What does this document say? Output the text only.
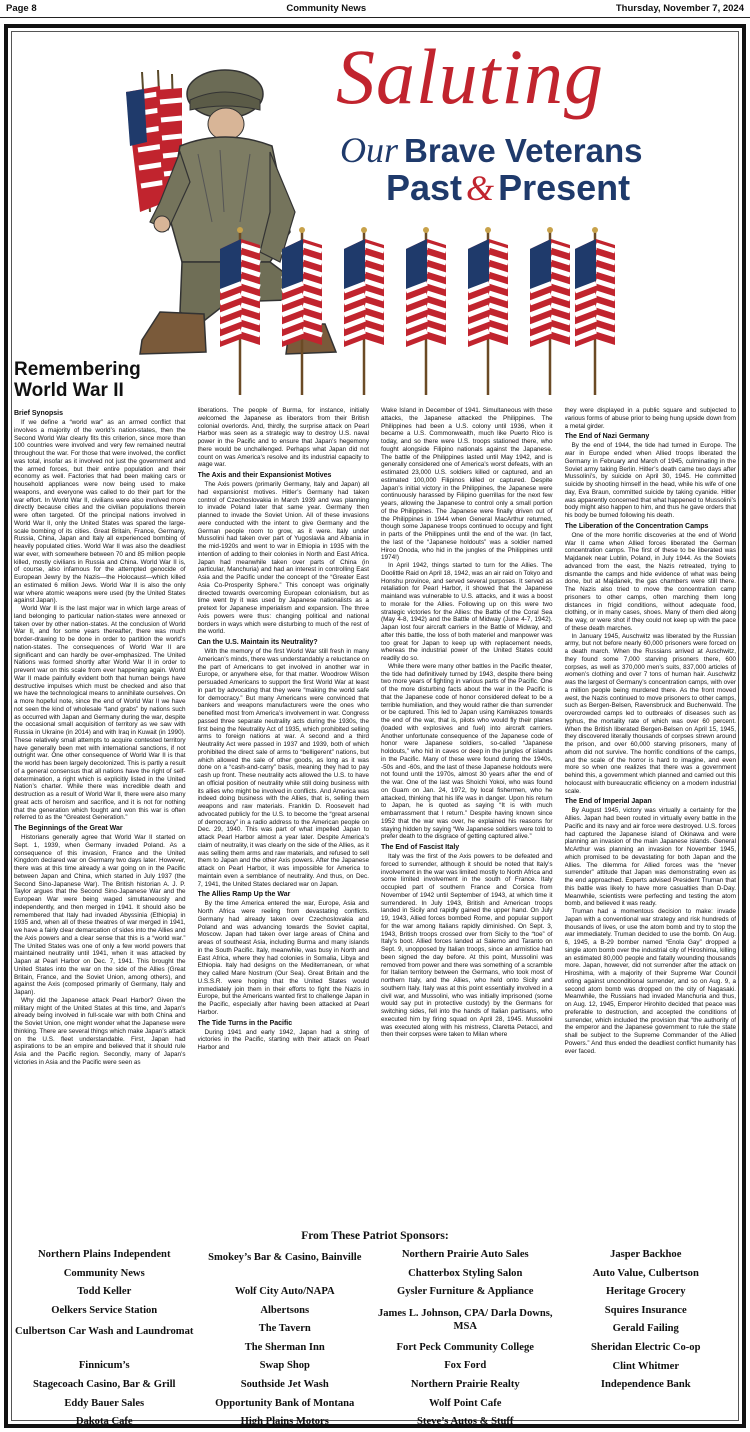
Page 8	Community News	Thursday, November 7, 2024
Saluting
Our Brave Veterans
Past & Present
Remembering
World War II
Brief Synopsis

If we define a “world war” as an armed conflict that involves a majority of the world’s nation-states, then the Second World War clearly fits this criterion, since more than 100 countries were involved and very few remained neutral throughout the war. For those that were involved, the conflict was total, insofar as it involved not just the government and the armed forces, but their entire population and their economy as well. Factories that had been making cars or household appliances were now being used to make weapons, and everyone was called to do their part for the war effort. In World War II, civilians were also involved more directly because cities and the civilian populations therein were often targeted. Of the principal nations involved in World War II, only the United States was spared the large-scale bombing of its cities. Great Britain, France, Germany, Russia, China, Japan and Italy all experienced bombing of heavily populated cities. World War II was also the deadliest war ever, with somewhere between 70 and 85 million people killed, mostly civilians in Russia and China. World War II is, of course, also infamous for the attempted genocide of European Jewry by the Nazis—the Holocaust—which killed an estimated 6 million Jews. World War II is also the only war where atomic weapons were used (by the United States against Japan).

World War II is the last major war in which large areas of land belonging to particular nation-states were annexed or taken over by other nation-states. At the conclusion of World War II, and for some years thereafter, there was much border-drawing to be done in order to partition the world’s nation-states. The consequences of World War II are significant and can hardly be over-emphasized. The United Nations was formed shortly after World War II in order to prevent war on this scale from ever happening again. World War II made painfully evident both that human beings have destructive impulses which must be checked and also that we have the technological means to annihilate ourselves. On a more hopeful note, since the end of World War II we have not seen the kind of wholesale “land grabs” by nations such as occurred with Japan and Germany during the war, despite the occasional small acquisition of territory as we saw with Russia in Ukraine (in 2014) and with Iraq in Kuwait (in 1990). These relatively small attempts to acquire contested territory have generally been met with international sanctions, if not outright war. One other consequence of World War II is that the world has been largely decolonized. This is partly a result of a general consensus that all nations have the right of self-determination, a right which is explicitly listed in the United Nation’s charter. While there was incredible death and destruction as a result of World War II, there were also many great acts of heroism and sacrifice, and it is not for nothing that the generation which fought and won this war is often referred to as the “Greatest Generation.”

The Beginnings of the Great War

Historians generally agree that World War II started on Sept. 1, 1939, when Germany invaded Poland. As a consequence of this invasion, France and the United Kingdom declared war on Germany two days later. However, there was at this time already a war going on in the Pacific between Japan and China, which started in July 1937 (the Second Sino-Japanese War). The British historian A. J. P. Taylor argues that the Second Sino-Japanese War and the European War were being waged simultaneously and independently, and then merged in 1941. It should also be remembered that Italy had invaded Abyssinia (Ethiopia) in 1935 and, when all of these theatres of war merged in 1941, we have a fairly clear demarcation of sides into the Allies and the Axis powers and a clear sense that this is a “world war.” The United States was one of only a few world powers that maintained neutrality until 1941, when it was attacked by Japan at Pearl Harbor on Dec. 7, 1941. This brought the United States into the war on the side of the Allies (Great Britain, France, and the Soviet Union, among others), and against the Axis (composed primarily of Germany, Italy and Japan).

Why did the Japanese attack Pearl Harbor? Given the military might of the United States at this time, and Japan’s already being involved in full-scale war with both China and the Soviet Union, one might wonder what the Japanese were thinking. There are several things which make Japan’s attack on the U.S. fleet understandable. First, Japan had aspirations to be an empire and believed that it should rule Asia and the Pacific region. Secondly, many of Japan’s victories in Asia and the Pacific were seen as

liberations. The people of Burma, for instance, initially welcomed the Japanese as liberators from their British colonial overlords. And, thirdly, the surprise attack on Pearl Harbor was seen as a strategic way to destroy U.S. naval power in the Pacific and to ensure that Japan’s hegemony there would be unchallenged. Perhaps what Japan did not count on was America’s resolve and its industrial capacity to wage war.

The Axis and their Expansionist Motives

The Axis powers (primarily Germany, Italy and Japan) all had expansionist motives. Hitler’s Germany had taken control of Czechoslovakia in March 1939 and was planning to invade Poland later that same year. Germany then planned to invade the Soviet Union. All of these invasions were conducted with the intent to give Germany and the German people room to grow, as it were. Italy under Mussolini had taken over part of Yugoslavia and Albania in the mid-1920s and went to war in Ethiopia in 1935 with the intention of adding to their colonies in North and East Africa. Japan had meanwhile taken over parts of China (in particular, Manchuria) and had an interest in controlling East Asia and the Pacific under the concept of the “Greater East Asia Co-Prosperity Sphere.” This concept was originally directed towards overcoming European colonialism, but as time went by it was used by Japanese nationalists as a pretext for Japanese imperialism and expansion. The three Axis powers were thus: changing political and national borders in ways which were disturbing to much of the rest of the world.

Can the U.S. Maintain its Neutrality?

With the memory of the first World War still fresh in many American’s minds, there was understandably a reluctance on the part of Americans to get involved in another war in Europe, or anywhere else, for that matter. Woodrow Wilson persuaded Americans to support the first World War at least in part by advocating that they were “making the world safe for democracy.” But many Americans were convinced that bankers and weapons manufacturers were the ones who benefited most from America’s involvement in war. Congress passed three separate neutrality acts during the 1930s, the first being the Neutrality Act of 1935, which prohibited selling arms to foreign nations at war. A second and a third Neutrality Act were passed in 1937 and 1939, both of which prohibited the direct sale of arms to “belligerent” nations, but which allowed the sale of other goods, as long as it was done on a “cash-and-carry” basis, meaning they had to pay cash up front. These neutrality acts allowed the U.S. to have an official position of neutrality while still doing business with its allies who might be involved in conflicts. And America was indeed doing business with the Allies, that is, selling them weapons and raw materials. Franklin D. Roosevelt had advocated publicly for the U.S. to become the “great arsenal of democracy” in a radio address to the American people on Dec. 29, 1940. This was part of what impelled Japan to attack Pearl Harbor almost a year later. Despite America’s claim of neutrality, it was clearly on the side of the Allies, as it was selling them arms and raw materials, and refused to sell them to Japan and the other Axis powers. After the Japanese attack on Pearl Harbor, it was impossible for America to maintain even a semblance of neutrality. And thus, on Dec. 7, 1941, the United States declared war on Japan.

The Allies Ramp Up the War

By the time America entered the war, Europe, Asia and North Africa were reeling from devastating conflicts. Germany had already taken over Czechoslovakia and Poland and was advancing towards the Soviet capital, Moscow. Japan had taken over large areas of China and areas of southeast Asia, including Burma and many islands in the South Pacific. Italy, meanwhile, was busy in North and East Africa, where they had colonies in Somalia, Libya and Ethiopia. Italy had designs on the Mediterranean, or what they called Mare Nostrum (Our Sea). Great Britain and the U.S.S.R. were hoping that the United States would immediately join them in their efforts to fight the Nazis in Europe, but the Americans wanted first to challenge Japan in the Pacific, especially after having been attacked at Pearl Harbor.

The Tide Turns in the Pacific

During 1941 and early 1942, Japan had a string of victories in the Pacific, starting with their attack on Pearl Harbor and

Wake Island in December of 1941. Simultaneous with these attacks, the Japanese attacked the Philippines. The Philippines had been a U.S. colony until 1936, when it became a U.S. Commonwealth, much like Puerto Rico is today, and so there were U.S. troops stationed there, who fought alongside Filipino nationals against the Japanese. The battle of the Philippines lasted until May 1942, and is generally considered one of America’s worst defeats, with an estimated 23,000 U.S. soldiers killed or captured, and an estimated 100,000 Filipinos killed or captured. Despite Japan’s initial victory in the Philippines, the Japanese were continuously harassed by Filipino guerrillas for the next few years, allowing the Japanese to control only a small portion of the Philippines. The Japanese were finally driven out of the Philippines in 1944 when General MacArthur returned, though some Japanese troops continued to occupy and fight in parts of the Philippines until the end of the war. (In fact, the last of the “Japanese holdouts” was a soldier named Hiroo Onoda, who hid in the jungles of the Philippines until 1974!)

In April 1942, things started to turn for the Allies. The Doolittle Raid on April 18, 1942, was an air raid on Tokyo and Honshu province, and served several purposes. It served as retaliation for Pearl Harbor, it showed that the Japanese mainland was vulnerable to U.S. attacks, and it was a boost to morale for the Allies. Following up on this were two strategic victories for the Allies: the Battle of the Coral Sea (May 4-8, 1942) and the Battle of Midway (June 4-7, 1942). Japan lost four aircraft carriers in the Battle of Midway, and after this battle, the loss of both materiel and manpower was too great for Japan to keep up with replacement needs, whereas the industrial power of the United States could readily do so.

While there were many other battles in the Pacific theater, the tide had definitively turned by 1943, despite there being two more years of fighting in various parts of the Pacific. One of the more disturbing facts about the war in the Pacific is that the Japanese code of honor considered defeat to be a terrible humiliation, and they would rather die than surrender or be captured. This led to Japan using Kamikazes towards the end of the war, that is, pilots who would fly their planes (loaded with explosives and fuel) into aircraft carriers. Another unfortunate consequence of the Japanese code of honor were Japanese soldiers, so-called “Japanese holdouts,” who hid in caves or deep in the jungles of islands in the Pacific. Many of these were found during the 1940s, -50s and -60s, and the last of these Japanese holdouts were not found until the 1970s, almost 30 years after the end of the war. One of the last was Shoichi Yokoi, who was found on Guam on Jan. 24, 1972, by local fishermen, who he attacked, thinking that his life was in danger. Upon his return to Japan, he is quoted as saying “It is with much embarrassment that I return.” Despite having known since 1952 that the war was over, he explained his reasons for staying hidden by saying “We Japanese soldiers were told to prefer death to the disgrace of getting captured alive.”

The End of Fascist Italy

Italy was the first of the Axis powers to be defeated and forced to surrender, although it should be noted that Italy’s involvement in the war was limited mostly to North Africa and some limited involvement in the south of France. Italy occupied part of southern France and Corsica from November of 1942 until September of 1943, at which time it surrendered. In July 1943, British and American troops landed in Sicily and rapidly gained the upper hand. On July 19, 1943, Allied forces bombed Rome, and popular support for the war among Italians rapidly diminished. On Sept. 3, 1943, British troops crossed over from Sicily to the “toe” of Italy’s boot. Allied forces landed at Salerno and Taranto on Sept. 9, unopposed by Italian troops, since an armistice had been signed the day before. At this point, Mussolini was removed from power and there was something of a scramble for Italian territory between the Germans, who took most of northern Italy, and the Allies, who held onto Sicily and southern Italy. Italy was at this point essentially involved in a civil war, and Mussolini, who was initially imprisoned (some would say put in protective custody) by the Germans for switching sides, fell into the hands of Italian partisans, who executed him by firing squad on April 28, 1945. Mussolini was executed along with his mistress, Claretta Petacci, and then their corpses were taken to Milan where

they were displayed in a public square and subjected to various forms of abuse prior to being hung upside down from a metal girder.

The End of Nazi Germany

By the end of 1944, the tide had turned in Europe. The war in Europe ended when Allied troops liberated the Germany in February and March of 1945, culminating in the Soviet army taking Berlin. Hitler’s death came two days after Mussolini’s, by suicide on April 30, 1945. He committed suicide by shooting himself in the head, while his wife of one day, Eva Braun, committed suicide by taking cyanide. Hitler was apparently concerned that what happened to Mussolini’s body might also happen to him, and thus he gave orders that his body be burned following his death.

The Liberation of the Concentration Camps

One of the more horrific discoveries at the end of World War II came when Allied forces liberated the German concentration camps. The first of these to be liberated was Majdanek near Lublin, Poland, in July 1944. As the Soviets advanced from the east, the Nazis retreated, trying to dismantle the camps and hide evidence of what was being done, but at Majdanek, the gas chambers were still there. The Nazis also tried to move the concentration camp prisoners to other camps, often marching them long distances in frigid conditions, without adequate food, clothing, or in many cases, shoes. Many of them died along the way, or were shot if they could not keep up with the pace of these death marches.

In January 1945, Auschwitz was liberated by the Russian army, but not before nearly 60,000 prisoners were forced on a death march. When the Russians arrived at Auschwitz, they found some 7,000 starving prisoners there, 600 corpses, as well as 370,000 men’s suits, 837,000 articles of women’s clothing and over 7 tons of human hair. Auschwitz was the largest of Germany’s concentration camps, with over a million people being murdered there. As the front moved west, the Nazis continued to move prisoners to other camps, such as Bergen-Belsen, Ravensbruck and Buchenwald. The overcrowded camps led to outbreaks of diseases such as typhus, the mortality rate of which was over 60 percent. When the British liberated Bergen-Belsen on April 15, 1945, they discovered literally thousands of corpses strewn around the prison, and over 60,000 starving prisoners, many of whom did not survive. The horrific conditions of the camps, and the scale of the horror is hard to imagine, and even more so when one realizes that there was a government behind this, a government which planned and carried out this holocaust with bureaucratic efficiency on a modern industrial scale.

The End of Imperial Japan

By August 1945, victory was virtually a certainty for the Allies. Japan had been routed in virtually every battle in the Pacific and its navy and air force were destroyed. U.S. forces had captured the Japanese island of Okinawa and were planning an invasion of the main Japanese islands. General McArthur was planning an invasion for November 1945, which promised to be devastating for both Japan and the Allies. The dilemma for Allied forces was the “never surrender” attitude that Japan was demonstrating even as the end approached. Experts advised President Truman that this battle was likely to have more casualties than D-Day. Meanwhile, scientists were perfecting and testing the atom bomb, and believed it was ready.

Truman had a momentous decision to make: invade Japan with a conventional war strategy and risk hundreds of thousands of lives, or use the atom bomb and try to stop the war immediately. Truman decided to use the bomb. On Aug. 6, 1945, a B-29 bomber named “Enola Gay” dropped a single atom bomb over the industrial city of Hiroshima, killing an estimated 80,000 people and fatally wounding thousands more. Japan, however, did not surrender after the attack on Hiroshima, with a majority of their Supreme War Council voting against unconditional surrender, and so on Aug. 9, a second atom bomb was dropped on the city of Nagasaki. Meanwhile, the Russians had invaded Manchuria and thus, on Aug. 12, 1945, Emperor Hirohito decided that peace was preferable to destruction, and accepted the conditions of surrender, which included the provision that “the authority of the emperor and the Japanese government to rule the state shall be subject to the Supreme Commander of the Allied Powers.” And thus ended the deadliest conflict humanity has ever faced.

From These Patriot Sponsors:
Northern Plains Independent
Community News
Todd Keller
Oelkers Service Station
Culbertson Car Wash and Laundromat
Finnicum’s
Stagecoach Casino, Bar & Grill
Eddy Bauer Sales
Dakota Cafe
Smokey’s Bar & Casino, Bainville
Wolf City Auto/NAPA
Albertsons
The Tavern
The Sherman Inn
Swap Shop
Southside Jet Wash
Opportunity Bank of Montana
High Plains Motors
Northern Prairie Auto Sales
Chatterbox Styling Salon
Gysler Furniture & Appliance
James L. Johnson, CPA/ Darla Downs, MSA
Fort Peck Community College
Fox Ford
Northern Prairie Realty
Wolf Point Cafe
Steve’s Autos & Stuff
Jasper Backhoe
Auto Value, Culbertson
Heritage Grocery
Squires Insurance
Gerald Failing
Sheridan Electric Co-op
Clint Whitmer
Independence Bank
